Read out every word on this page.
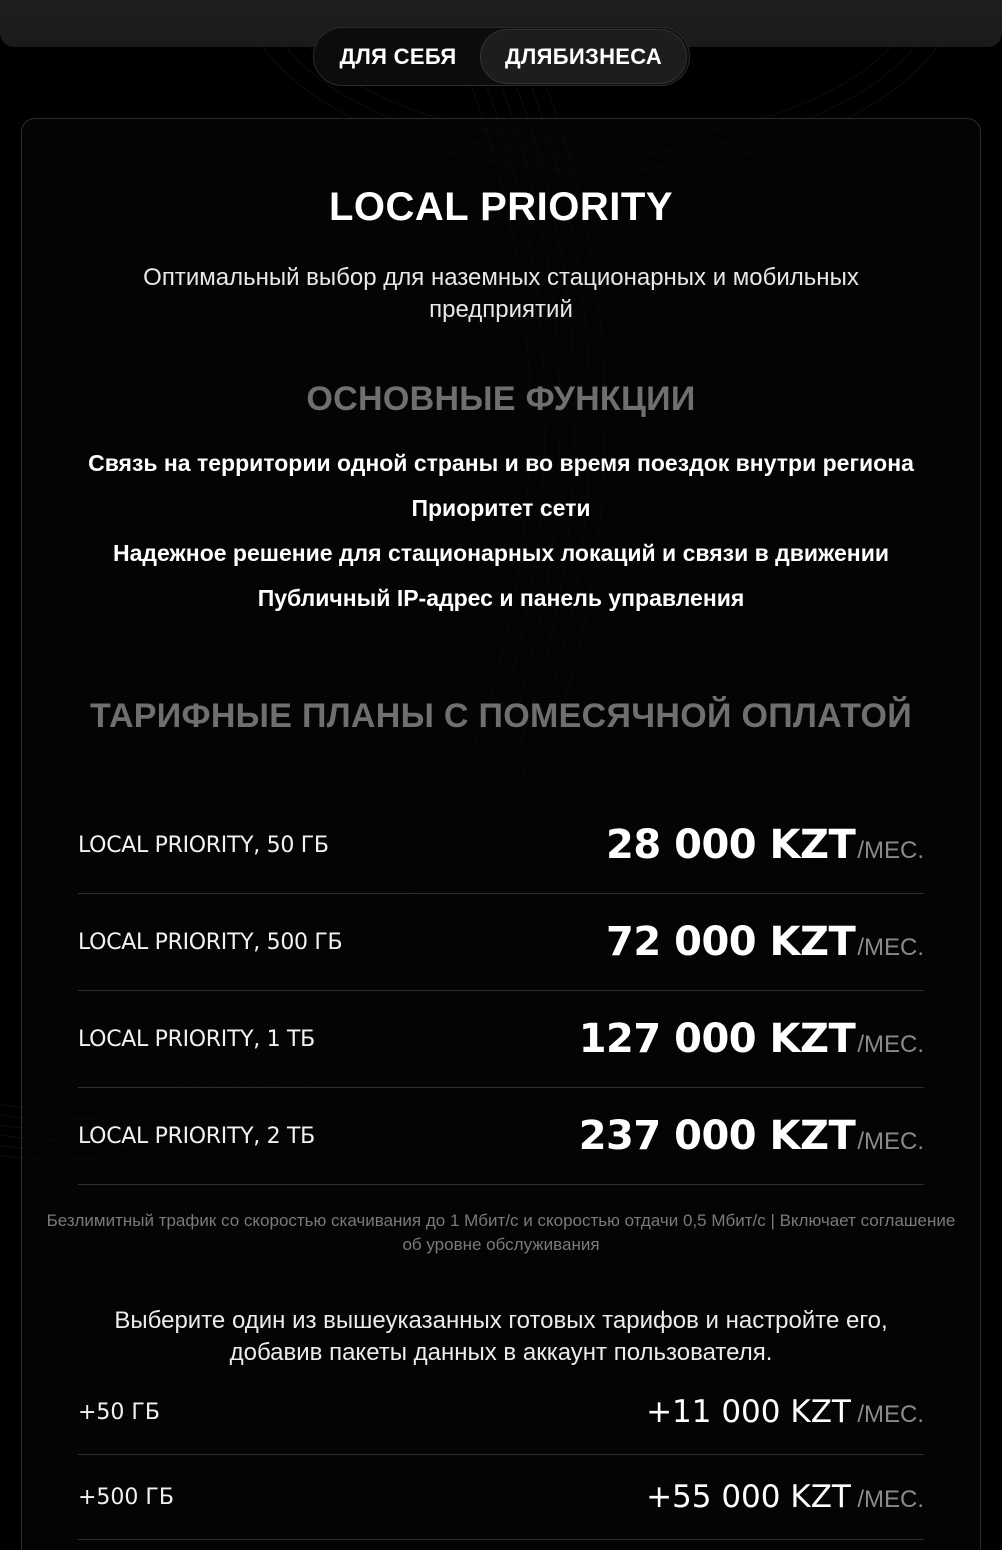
ДЛЯ СЕБЯ	ДЛЯБИЗНЕСА
LOCAL PRIORITY

Оптимальный выбор для наземных стационарных и мобильных предприятий

ОСНОВНЫЕ ФУНКЦИИ
Связь на территории одной страны и во время поездок внутри региона
Приоритет сети
Надежное решение для стационарных локаций и связи в движении
Публичный IP-адрес и панель управления
ТАРИФНЫЕ ПЛАНЫ С ПОМЕСЯЧНОЙ ОПЛАТОЙ
LOCAL PRIORITY, 50 ГБ	28 000 KZT /МЕС.
LOCAL PRIORITY, 500 ГБ	72 000 KZT /МЕС.
LOCAL PRIORITY, 1 ТБ	127 000 KZT /МЕС.
LOCAL PRIORITY, 2 ТБ	237 000 KZT /МЕС.

Безлимитный трафик со скоростью скачивания до 1 Мбит/с и скоростью отдачи 0,5 Мбит/с | Включает соглашение об уровне обслуживания

Выберите один из вышеуказанных готовых тарифов и настройте его, добавив пакеты данных в аккаунт пользователя.

+50 ГБ	+11 000 KZT /МЕС.
+500 ГБ	+55 000 KZT /МЕС.
